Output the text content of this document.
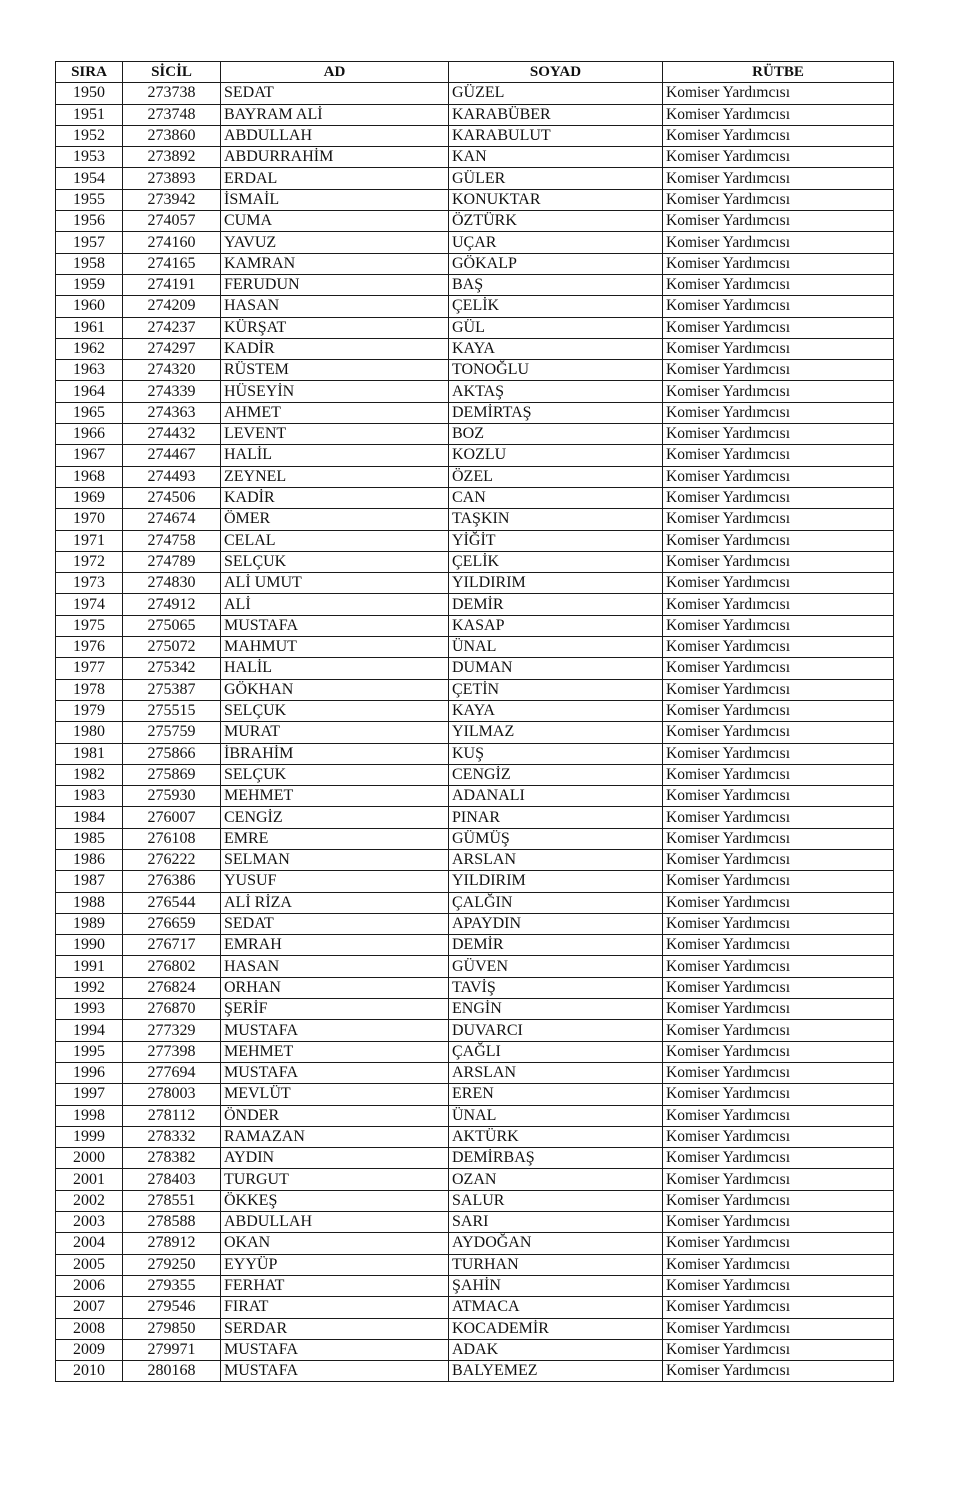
SIRA	SİCİL	AD	SOYAD	RÜTBE
1950	273738	SEDAT	GÜZEL	Komiser Yardımcısı
1951	273748	BAYRAM ALİ	KARABÜBER	Komiser Yardımcısı
1952	273860	ABDULLAH	KARABULUT	Komiser Yardımcısı
1953	273892	ABDURRAHİM	KAN	Komiser Yardımcısı
1954	273893	ERDAL	GÜLER	Komiser Yardımcısı
1955	273942	İSMAİL	KONUKTAR	Komiser Yardımcısı
1956	274057	CUMA	ÖZTÜRK	Komiser Yardımcısı
1957	274160	YAVUZ	UÇAR	Komiser Yardımcısı
1958	274165	KAMRAN	GÖKALP	Komiser Yardımcısı
1959	274191	FERUDUN	BAŞ	Komiser Yardımcısı
1960	274209	HASAN	ÇELİK	Komiser Yardımcısı
1961	274237	KÜRŞAT	GÜL	Komiser Yardımcısı
1962	274297	KADİR	KAYA	Komiser Yardımcısı
1963	274320	RÜSTEM	TONOĞLU	Komiser Yardımcısı
1964	274339	HÜSEYİN	AKTAŞ	Komiser Yardımcısı
1965	274363	AHMET	DEMİRTAŞ	Komiser Yardımcısı
1966	274432	LEVENT	BOZ	Komiser Yardımcısı
1967	274467	HALİL	KOZLU	Komiser Yardımcısı
1968	274493	ZEYNEL	ÖZEL	Komiser Yardımcısı
1969	274506	KADİR	CAN	Komiser Yardımcısı
1970	274674	ÖMER	TAŞKIN	Komiser Yardımcısı
1971	274758	CELAL	YİĞİT	Komiser Yardımcısı
1972	274789	SELÇUK	ÇELİK	Komiser Yardımcısı
1973	274830	ALİ UMUT	YILDIRIM	Komiser Yardımcısı
1974	274912	ALİ	DEMİR	Komiser Yardımcısı
1975	275065	MUSTAFA	KASAP	Komiser Yardımcısı
1976	275072	MAHMUT	ÜNAL	Komiser Yardımcısı
1977	275342	HALİL	DUMAN	Komiser Yardımcısı
1978	275387	GÖKHAN	ÇETİN	Komiser Yardımcısı
1979	275515	SELÇUK	KAYA	Komiser Yardımcısı
1980	275759	MURAT	YILMAZ	Komiser Yardımcısı
1981	275866	İBRAHİM	KUŞ	Komiser Yardımcısı
1982	275869	SELÇUK	CENGİZ	Komiser Yardımcısı
1983	275930	MEHMET	ADANALI	Komiser Yardımcısı
1984	276007	CENGİZ	PINAR	Komiser Yardımcısı
1985	276108	EMRE	GÜMÜŞ	Komiser Yardımcısı
1986	276222	SELMAN	ARSLAN	Komiser Yardımcısı
1987	276386	YUSUF	YILDIRIM	Komiser Yardımcısı
1988	276544	ALİ RİZA	ÇALĞIN	Komiser Yardımcısı
1989	276659	SEDAT	APAYDIN	Komiser Yardımcısı
1990	276717	EMRAH	DEMİR	Komiser Yardımcısı
1991	276802	HASAN	GÜVEN	Komiser Yardımcısı
1992	276824	ORHAN	TAVİŞ	Komiser Yardımcısı
1993	276870	ŞERİF	ENGİN	Komiser Yardımcısı
1994	277329	MUSTAFA	DUVARCI	Komiser Yardımcısı
1995	277398	MEHMET	ÇAĞLI	Komiser Yardımcısı
1996	277694	MUSTAFA	ARSLAN	Komiser Yardımcısı
1997	278003	MEVLÜT	EREN	Komiser Yardımcısı
1998	278112	ÖNDER	ÜNAL	Komiser Yardımcısı
1999	278332	RAMAZAN	AKTÜRK	Komiser Yardımcısı
2000	278382	AYDIN	DEMİRBAŞ	Komiser Yardımcısı
2001	278403	TURGUT	OZAN	Komiser Yardımcısı
2002	278551	ÖKKEŞ	SALUR	Komiser Yardımcısı
2003	278588	ABDULLAH	SARI	Komiser Yardımcısı
2004	278912	OKAN	AYDOĞAN	Komiser Yardımcısı
2005	279250	EYYÜP	TURHAN	Komiser Yardımcısı
2006	279355	FERHAT	ŞAHİN	Komiser Yardımcısı
2007	279546	FIRAT	ATMACA	Komiser Yardımcısı
2008	279850	SERDAR	KOCADEMİR	Komiser Yardımcısı
2009	279971	MUSTAFA	ADAK	Komiser Yardımcısı
2010	280168	MUSTAFA	BALYEMEZ	Komiser Yardımcısı
